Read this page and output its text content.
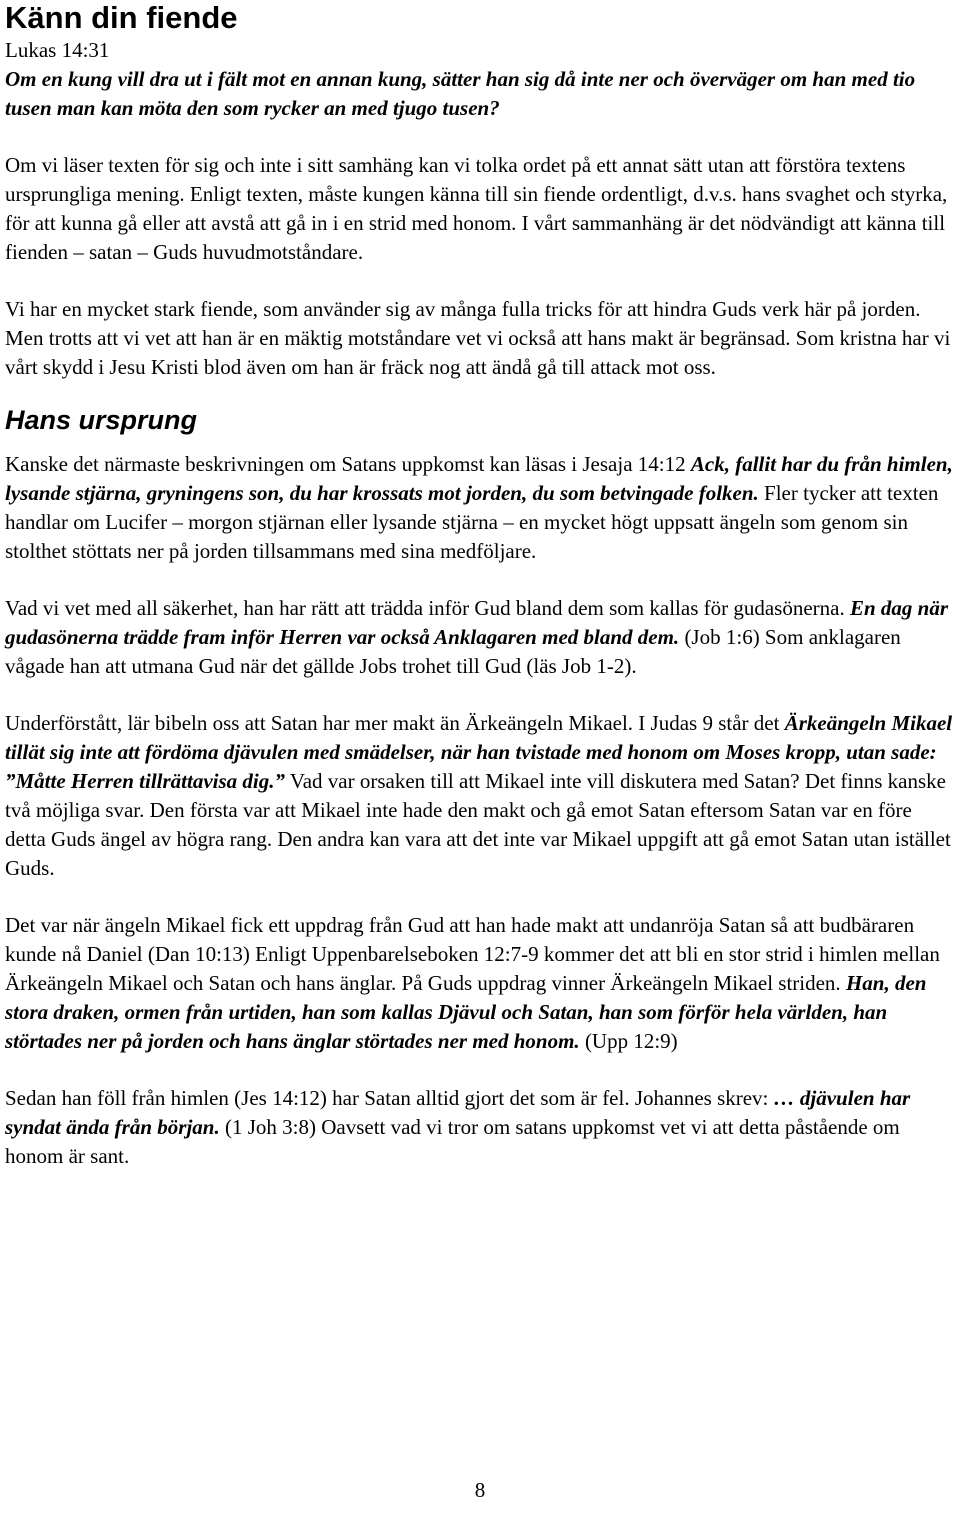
Känn din fiende

Lukas 14:31

Om en kung vill dra ut i fält mot en annan kung, sätter han sig då inte ner och överväger om han med tio tusen man kan möta den som rycker an med tjugo tusen?

Om vi läser texten för sig och inte i sitt samhäng kan vi tolka ordet på ett annat sätt utan att förstöra textens ursprungliga mening. Enligt texten, måste kungen känna till sin fiende ordentligt, d.v.s. hans svaghet och styrka, för att kunna gå eller att avstå att gå in i en strid med honom. I vårt sammanhäng är det nödvändigt att känna till fienden – satan – Guds huvudmotståndare.

Vi har en mycket stark fiende, som använder sig av många fulla tricks för att hindra Guds verk här på jorden. Men trotts att vi vet att han är en mäktig motståndare vet vi också att hans makt är begränsad. Som kristna har vi vårt skydd i Jesu Kristi blod även om han är fräck nog att ändå gå till attack mot oss.

Hans ursprung

Kanske det närmaste beskrivningen om Satans uppkomst kan läsas i Jesaja 14:12 Ack, fallit har du från himlen, lysande stjärna, gryningens son, du har krossats mot jorden, du som betvingade folken. Fler tycker att texten handlar om Lucifer – morgon stjärnan eller lysande stjärna – en mycket högt uppsatt ängeln som genom sin stolthet stöttats ner på jorden tillsammans med sina medföljare.

Vad vi vet med all säkerhet, han har rätt att trädda inför Gud bland dem som kallas för gudasönerna. En dag när gudasönerna trädde fram inför Herren var också Anklagaren med bland dem. (Job 1:6) Som anklagaren vågade han att utmana Gud när det gällde Jobs trohet till Gud (läs Job 1-2).

Underförstått, lär bibeln oss att Satan har mer makt än Ärkeängeln Mikael. I Judas 9 står det Ärkeängeln Mikael tillät sig inte att fördöma djävulen med smädelser, när han tvistade med honom om Moses kropp, utan sade: ”Måtte Herren tillrättavisa dig.” Vad var orsaken till att Mikael inte vill diskutera med Satan? Det finns kanske två möjliga svar. Den första var att Mikael inte hade den makt och gå emot Satan eftersom Satan var en före detta Guds ängel av högra rang. Den andra kan vara att det inte var Mikael uppgift att gå emot Satan utan istället Guds.

Det var när ängeln Mikael fick ett uppdrag från Gud att han hade makt att undanröja Satan så att budbäraren kunde nå Daniel (Dan 10:13) Enligt Uppenbarelseboken 12:7-9 kommer det att bli en stor strid i himlen mellan Ärkeängeln Mikael och Satan och hans änglar. På Guds uppdrag vinner Ärkeängeln Mikael striden. Han, den stora draken, ormen från urtiden, han som kallas Djävul och Satan, han som förför hela världen, han störtades ner på jorden och hans änglar störtades ner med honom. (Upp 12:9)

Sedan han föll från himlen (Jes 14:12) har Satan alltid gjort det som är fel. Johannes skrev: … djävulen har syndat ända från början. (1 Joh 3:8) Oavsett vad vi tror om satans uppkomst vet vi att detta påstående om honom är sant.

8
